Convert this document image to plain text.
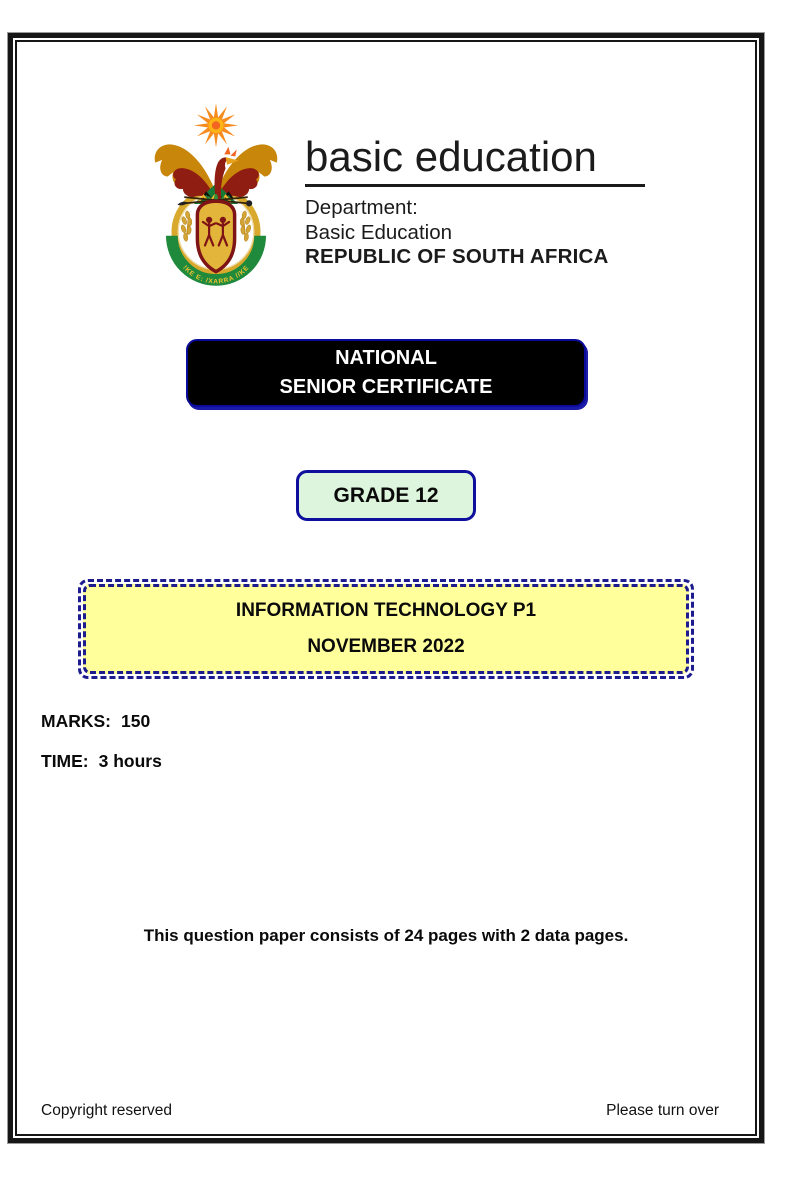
!KE E: /XARRA //KE
basic education
Department:
Basic Education
REPUBLIC OF SOUTH AFRICA
NATIONAL
SENIOR CERTIFICATE
GRADE 12
INFORMATION TECHNOLOGY P1
NOVEMBER 2022
MARKS: 150
TIME: 3 hours
This question paper consists of 24 pages with 2 data pages.
Copyright reserved	Please turn over
